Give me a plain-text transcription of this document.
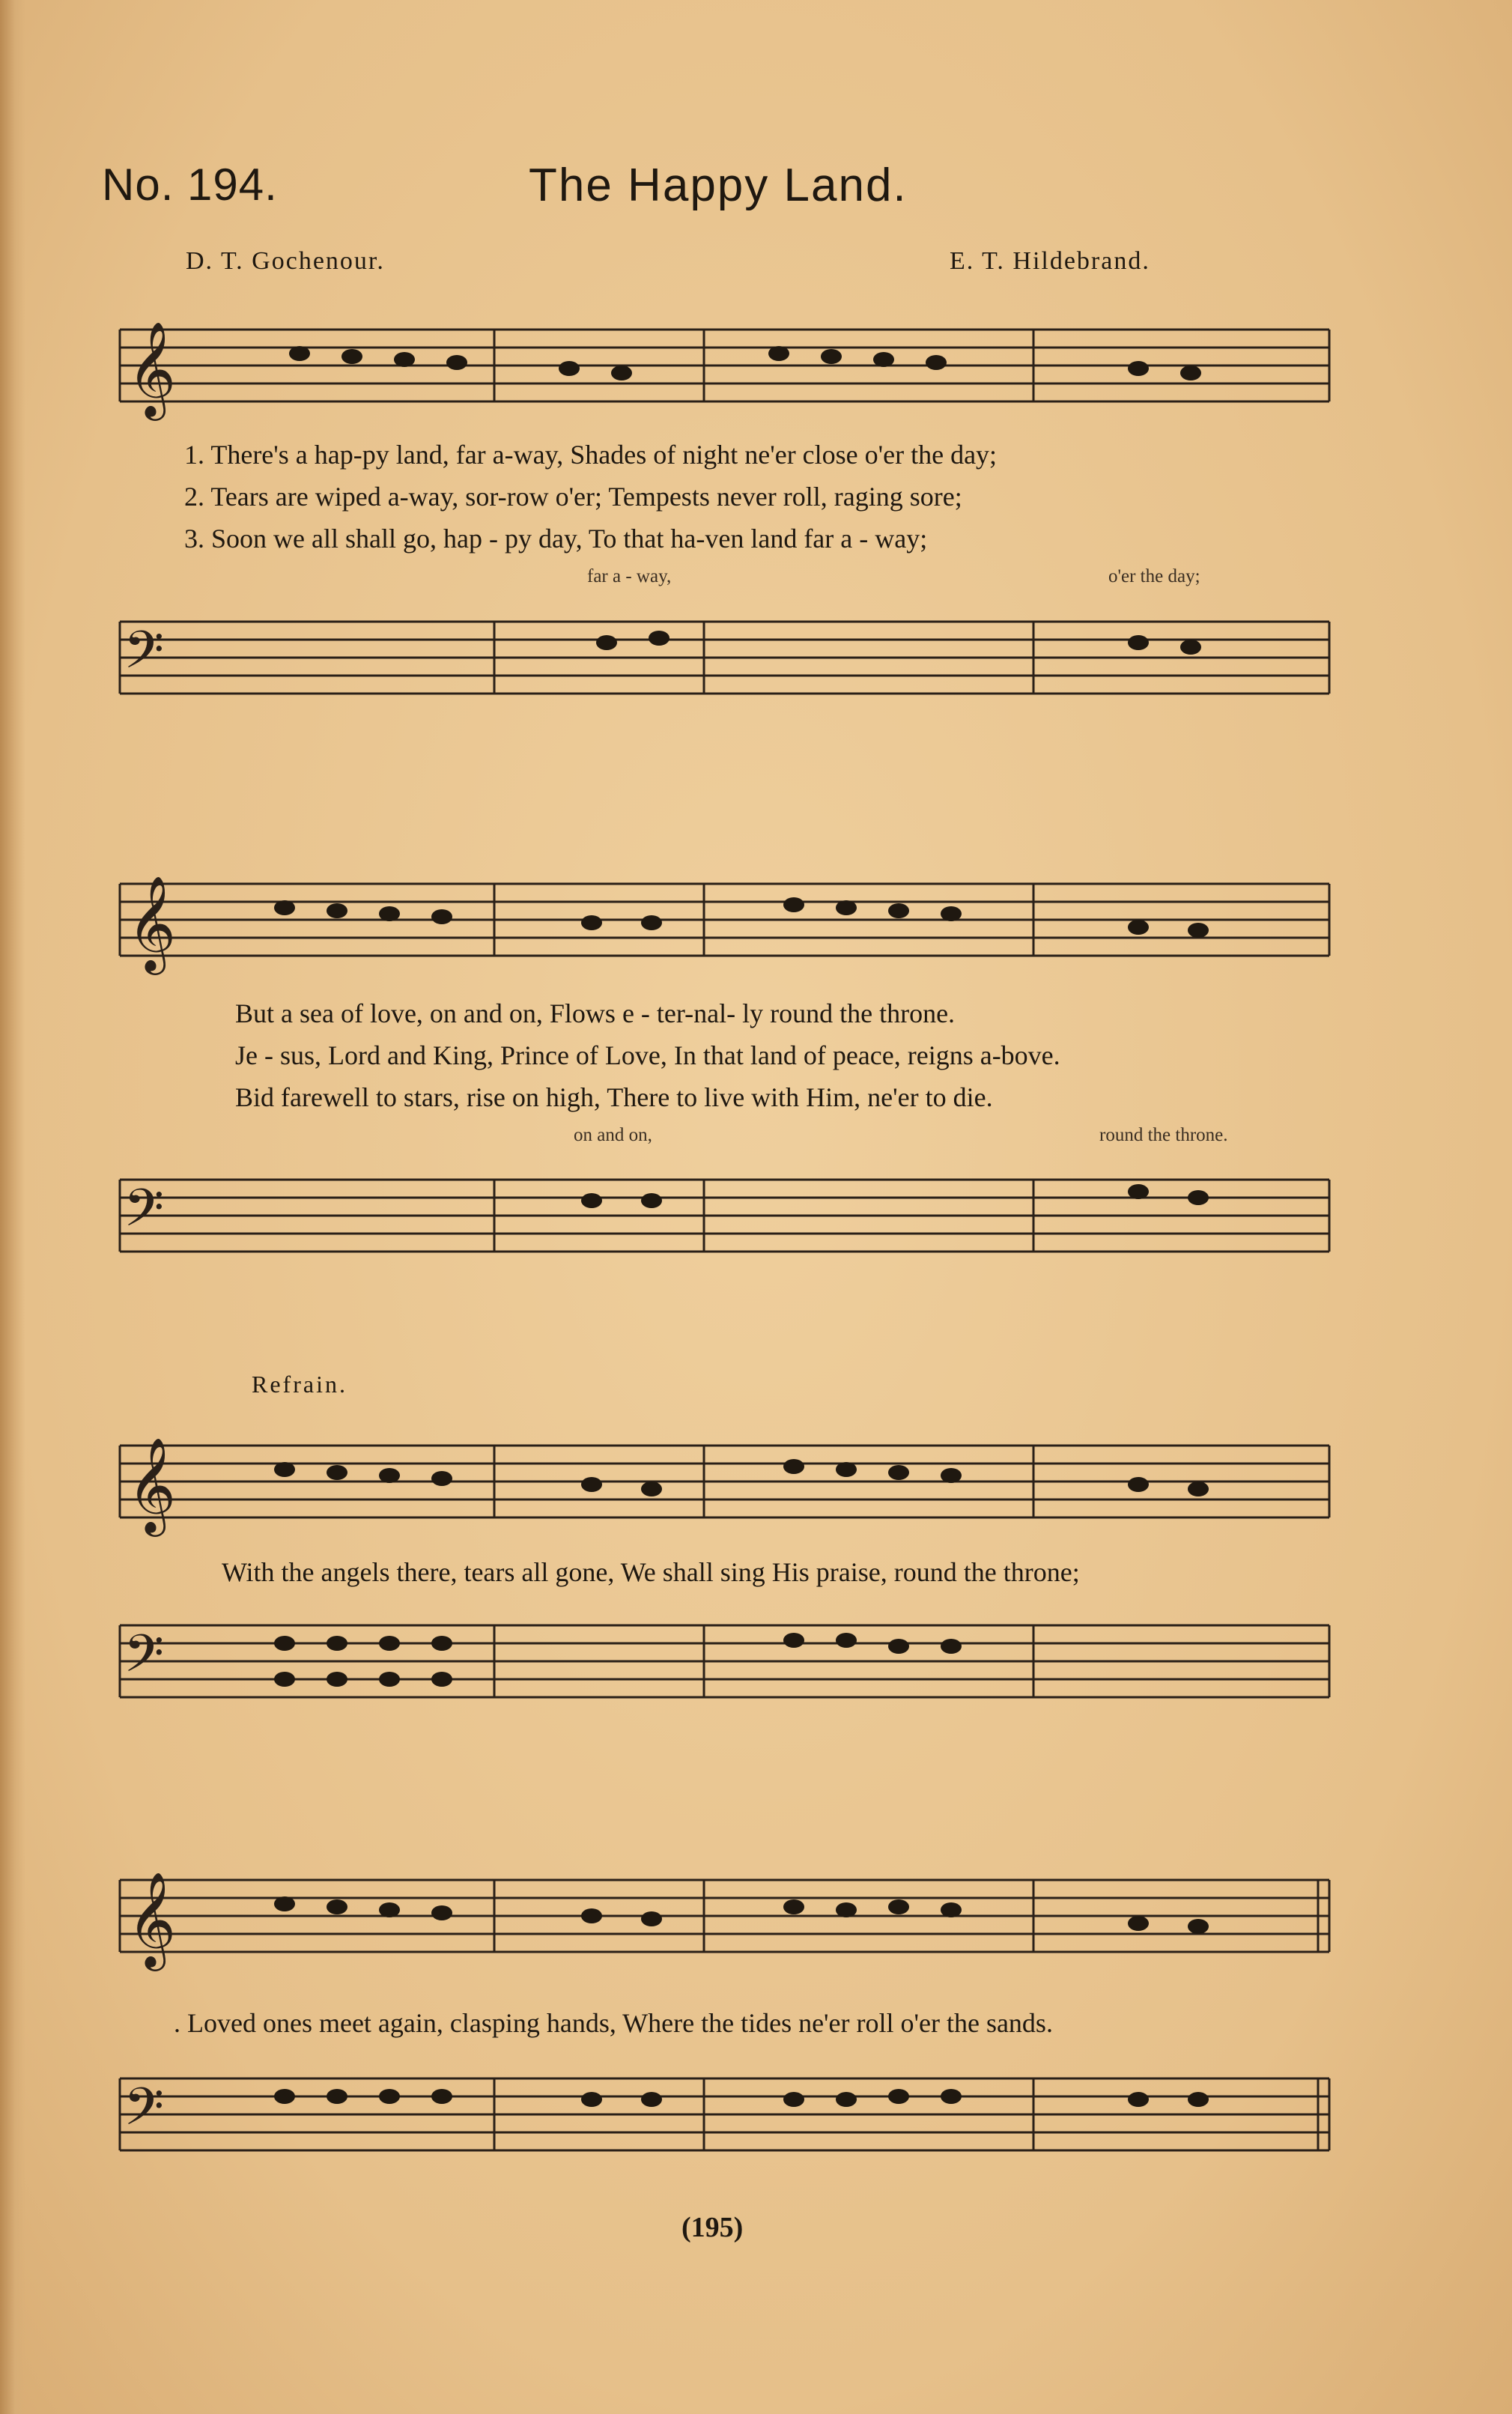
No. 194.	The Happy Land.
D. T. Gochenour.	E. T. Hildebrand.
𝄞
1. There's a hap-py land, far a-way, Shades of night ne'er close o'er the day;
2. Tears are wiped a-way, sor-row o'er; Tempests never roll, raging sore;
3. Soon we all shall go, hap - py day, To that ha-ven land far a - way;
far a - way,	o'er the day;
𝄢
𝄞
But a sea of love, on and on, Flows e - ter-nal- ly round the throne.
Je - sus, Lord and King, Prince of Love, In that land of peace, reigns a-bove.
Bid farewell to stars, rise on high, There to live with Him, ne'er to die.
on and on,	round the throne.
𝄢
Refrain.
𝄞
With the angels there, tears all gone, We shall sing His praise, round the throne;
𝄢
𝄞
. Loved ones meet again, clasping hands, Where the tides ne'er roll o'er the sands.
𝄢
(195)
